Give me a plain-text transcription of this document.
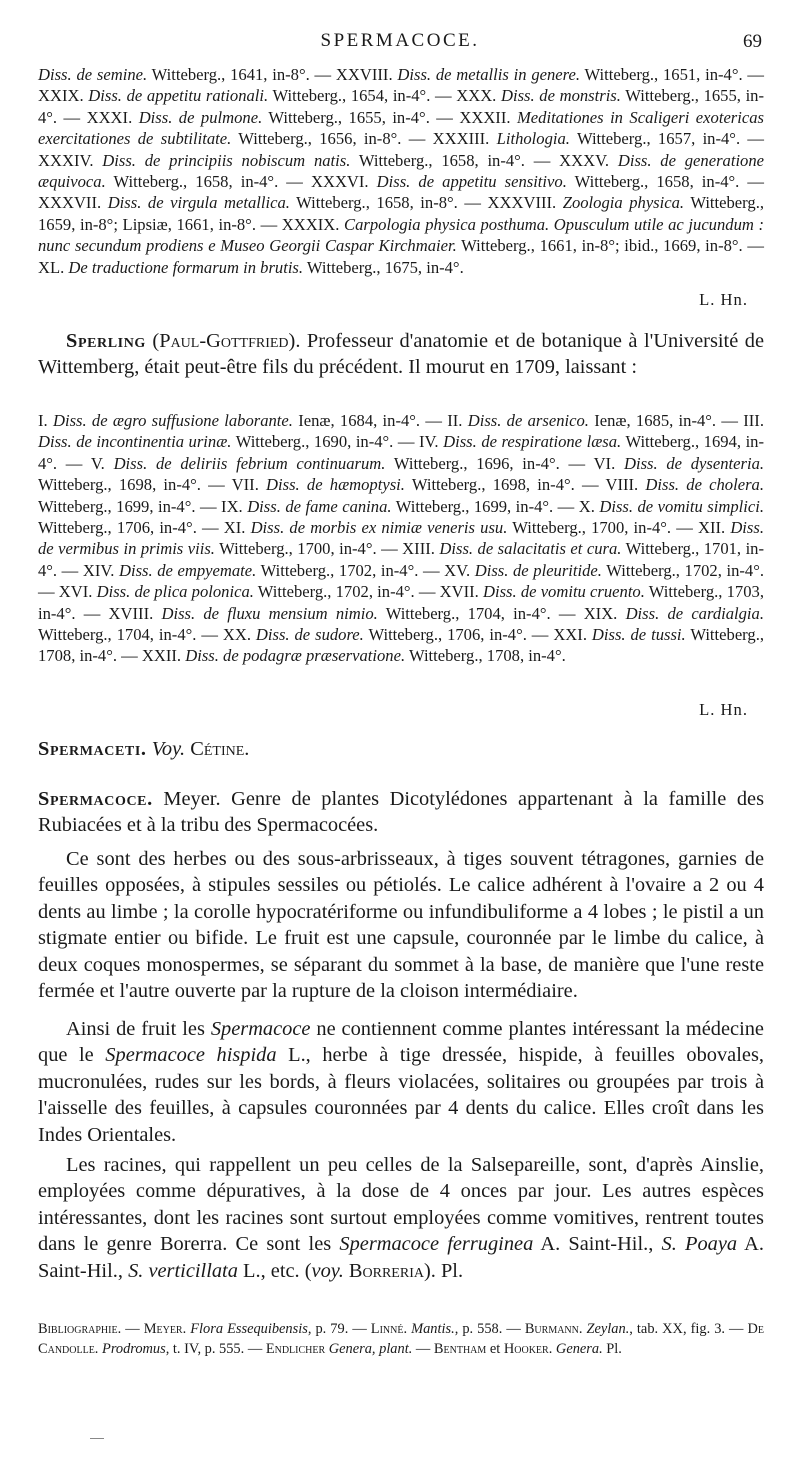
SPERMACOCE.	69

Diss. de semine. Witteberg., 1641, in-8°. — XXVIII. Diss. de metallis in genere. Witteberg., 1651, in-4°. — XXIX. Diss. de appetitu rationali. Witteberg., 1654, in-4°. — XXX. Diss. de monstris. Witteberg., 1655, in-4°. — XXXI. Diss. de pulmone. Witteberg., 1655, in-4°. — XXXII. Meditationes in Scaligeri exotericas exercitationes de subtilitate. Witteberg., 1656, in-8°. — XXXIII. Lithologia. Witteberg., 1657, in-4°. — XXXIV. Diss. de principiis nobiscum natis. Witteberg., 1658, in-4°. — XXXV. Diss. de generatione æquivoca. Witteberg., 1658, in-4°. — XXXVI. Diss. de appetitu sensitivo. Witteberg., 1658, in-4°. — XXXVII. Diss. de virgula metallica. Witteberg., 1658, in-8°. — XXXVIII. Zoologia physica. Witteberg., 1659, in-8°; Lipsiæ, 1661, in-8°. — XXXIX. Carpologia physica posthuma. Opusculum utile ac jucundum : nunc secundum prodiens e Museo Georgii Caspar Kirchmaier. Witteberg., 1661, in-8°; ibid., 1669, in-8°. — XL. De traductione formarum in brutis. Witteberg., 1675, in-4°.

L. Hn.

Sperling (Paul-Gottfried). Professeur d'anatomie et de botanique à l'Université de Wittemberg, était peut-être fils du précédent. Il mourut en 1709, laissant :

I. Diss. de ægro suffusione laborante. Ienæ, 1684, in-4°. — II. Diss. de arsenico. Ienæ, 1685, in-4°. — III. Diss. de incontinentia urinæ. Witteberg., 1690, in-4°. — IV. Diss. de respiratione læsa. Witteberg., 1694, in-4°. — V. Diss. de deliriis febrium continuarum. Witteberg., 1696, in-4°. — VI. Diss. de dysenteria. Witteberg., 1698, in-4°. — VII. Diss. de hæmoptysi. Witteberg., 1698, in-4°. — VIII. Diss. de cholera. Witteberg., 1699, in-4°. — IX. Diss. de fame canina. Witteberg., 1699, in-4°. — X. Diss. de vomitu simplici. Witteberg., 1706, in-4°. — XI. Diss. de morbis ex nimiæ veneris usu. Witteberg., 1700, in-4°. — XII. Diss. de vermibus in primis viis. Witteberg., 1700, in-4°. — XIII. Diss. de salacitatis et cura. Witteberg., 1701, in-4°. — XIV. Diss. de empyemate. Witteberg., 1702, in-4°. — XV. Diss. de pleuritide. Witteberg., 1702, in-4°. — XVI. Diss. de plica polonica. Witteberg., 1702, in-4°. — XVII. Diss. de vomitu cruento. Witteberg., 1703, in-4°. — XVIII. Diss. de fluxu mensium nimio. Witteberg., 1704, in-4°. — XIX. Diss. de cardialgia. Witteberg., 1704, in-4°. — XX. Diss. de sudore. Witteberg., 1706, in-4°. — XXI. Diss. de tussi. Witteberg., 1708, in-4°. — XXII. Diss. de podagræ præservatione. Witteberg., 1708, in-4°.

L. Hn.

Spermaceti. Voy. Cétine.

Spermacoce. Meyer. Genre de plantes Dicotylédones appartenant à la famille des Rubiacées et à la tribu des Spermacocées.

Ce sont des herbes ou des sous-arbrisseaux, à tiges souvent tétragones, garnies de feuilles opposées, à stipules sessiles ou pétiolés. Le calice adhérent à l'ovaire a 2 ou 4 dents au limbe ; la corolle hypocratériforme ou infundibuliforme a 4 lobes ; le pistil a un stigmate entier ou bifide. Le fruit est une capsule, couronnée par le limbe du calice, à deux coques monospermes, se séparant du sommet à la base, de manière que l'une reste fermée et l'autre ouverte par la rupture de la cloison intermédiaire.

Ainsi de fruit les Spermacoce ne contiennent comme plantes intéressant la médecine que le Spermacoce hispida L., herbe à tige dressée, hispide, à feuilles obovales, mucronulées, rudes sur les bords, à fleurs violacées, solitaires ou groupées par trois à l'aisselle des feuilles, à capsules couronnées par 4 dents du calice. Elles croît dans les Indes Orientales.

Les racines, qui rappellent un peu celles de la Salsepareille, sont, d'après Ainslie, employées comme dépuratives, à la dose de 4 onces par jour. Les autres espèces intéressantes, dont les racines sont surtout employées comme vomitives, rentrent toutes dans le genre Borerra. Ce sont les Spermacoce ferruginea A. Saint-Hil., S. Poaya A. Saint-Hil., S. verticillata L., etc. (voy. Borreria). Pl.

Bibliographie. — Meyer. Flora Essequibensis, p. 79. — Linné. Mantis., p. 558. — Burmann. Zeylan., tab. XX, fig. 3. — De Candolle. Prodromus, t. IV, p. 555. — Endlicher Genera, plant. — Bentham et Hooker. Genera. Pl.
